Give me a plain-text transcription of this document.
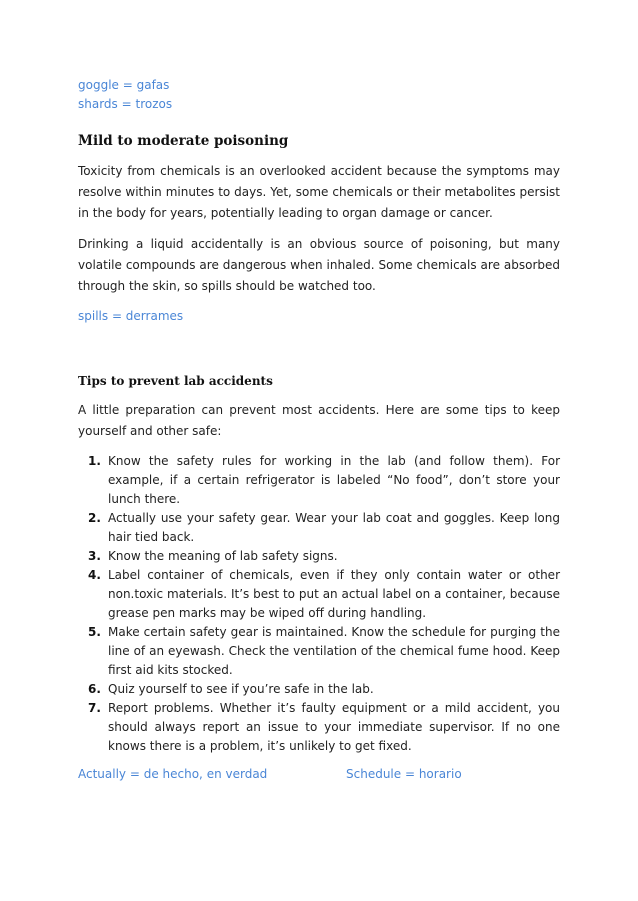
goggle = gafas

shards = trozos

Mild to moderate poisoning

Toxicity from chemicals is an overlooked accident because the symptoms may resolve within minutes to days. Yet, some chemicals or their metabolites persist in the body for years, potentially leading to organ damage or cancer.

Drinking a liquid accidentally is an obvious source of poisoning, but many volatile compounds are dangerous when inhaled. Some chemicals are absorbed through the skin, so spills should be watched too.

spills = derrames

Tips to prevent lab accidents

A little preparation can prevent most accidents. Here are some tips to keep yourself and other safe:

1. Know the safety rules for working in the lab (and follow them). For example, if a certain refrigerator is labeled “No food”, don’t store your lunch there.
2. Actually use your safety gear. Wear your lab coat and goggles. Keep long hair tied back.
3. Know the meaning of lab safety signs.
4. Label container of chemicals, even if they only contain water or other non.toxic materials. It’s best to put an actual label on a container, because grease pen marks may be wiped off during handling.
5. Make certain safety gear is maintained. Know the schedule for purging the line of an eyewash. Check the ventilation of the chemical fume hood. Keep first aid kits stocked.
6. Quiz yourself to see if you’re safe in the lab.
7. Report problems. Whether it’s faulty equipment or a mild accident, you should always report an issue to your immediate supervisor. If no one knows there is a problem, it’s unlikely to get fixed.
Actually = de hecho, en verdad	Schedule = horario
